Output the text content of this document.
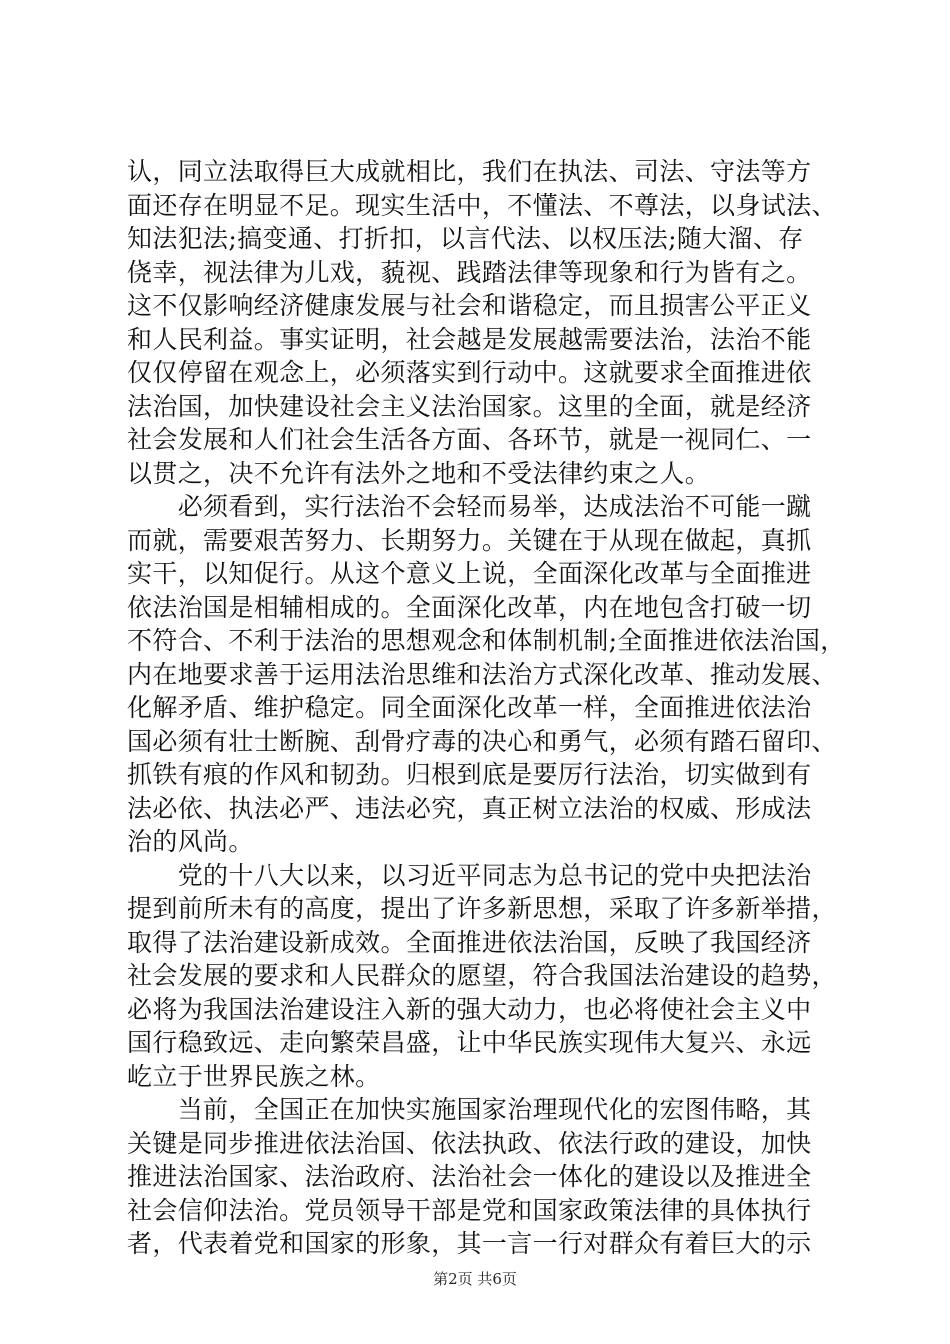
认，同立法取得巨大成就相比，我们在执法、司法、守法等方
面还存在明显不足。现实生活中，不懂法、不尊法，以身试法、
知法犯法;搞变通、打折扣，以言代法、以权压法;随大溜、存
侥幸，视法律为儿戏，藐视、践踏法律等现象和行为皆有之。
这不仅影响经济健康发展与社会和谐稳定，而且损害公平正义
和人民利益。事实证明，社会越是发展越需要法治，法治不能
仅仅停留在观念上，必须落实到行动中。这就要求全面推进依
法治国，加快建设社会主义法治国家。这里的全面，就是经济
社会发展和人们社会生活各方面、各环节，就是一视同仁、一
以贯之，决不允许有法外之地和不受法律约束之人。
　　必须看到，实行法治不会轻而易举，达成法治不可能一蹴
而就，需要艰苦努力、长期努力。关键在于从现在做起，真抓
实干，以知促行。从这个意义上说，全面深化改革与全面推进
依法治国是相辅相成的。全面深化改革，内在地包含打破一切
不符合、不利于法治的思想观念和体制机制;全面推进依法治国，
内在地要求善于运用法治思维和法治方式深化改革、推动发展、
化解矛盾、维护稳定。同全面深化改革一样，全面推进依法治
国必须有壮士断腕、刮骨疗毒的决心和勇气，必须有踏石留印、
抓铁有痕的作风和韧劲。归根到底是要厉行法治，切实做到有
法必依、执法必严、违法必究，真正树立法治的权威、形成法
治的风尚。
　　党的十八大以来，以习近平同志为总书记的党中央把法治
提到前所未有的高度，提出了许多新思想，采取了许多新举措，
取得了法治建设新成效。全面推进依法治国，反映了我国经济
社会发展的要求和人民群众的愿望，符合我国法治建设的趋势，
必将为我国法治建设注入新的强大动力，也必将使社会主义中
国行稳致远、走向繁荣昌盛，让中华民族实现伟大复兴、永远
屹立于世界民族之林。
　　当前，全国正在加快实施国家治理现代化的宏图伟略，其
关键是同步推进依法治国、依法执政、依法行政的建设，加快
推进法治国家、法治政府、法治社会一体化的建设以及推进全
社会信仰法治。党员领导干部是党和国家政策法律的具体执行
者，代表着党和国家的形象，其一言一行对群众有着巨大的示
第2页 共6页
